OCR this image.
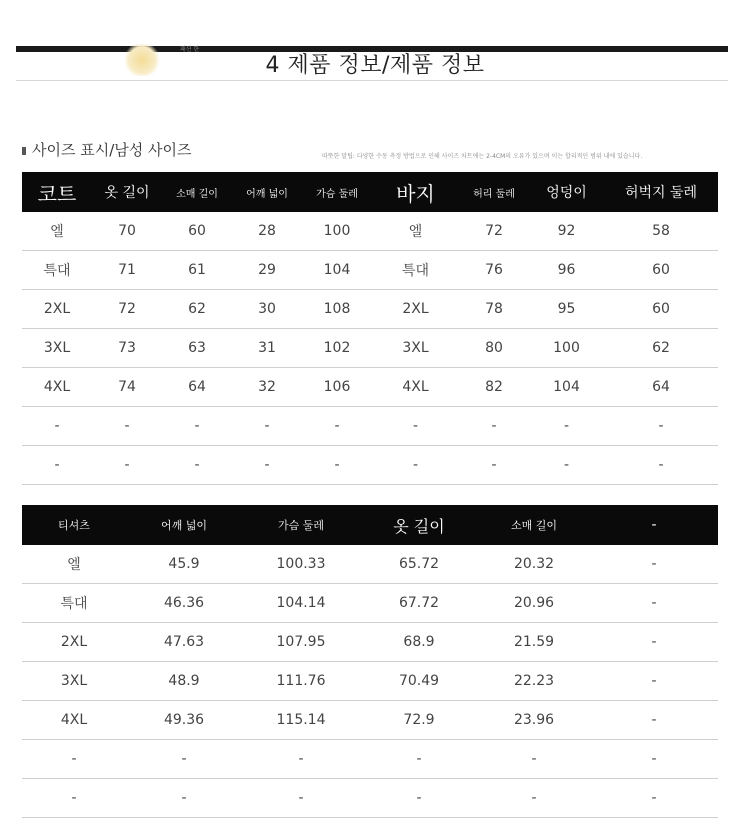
패션 한
4 제품 정보/제품 정보
사이즈 표시/남성 사이즈	따뜻한 말팁: 다양한 수동 측정 방법으로 인해 사이즈 차트에는 2-4CM의 오류가 있으며 이는 합리적인 범위 내에 있습니다.
코트	옷 길이	소매 길이	어깨 넓이	가슴 둘레	바지	허리 둘레	엉덩이	허벅지 둘레
엘	70	60	28	100	엘	72	92	58
특대	71	61	29	104	특대	76	96	60
2XL	72	62	30	108	2XL	78	95	60
3XL	73	63	31	102	3XL	80	100	62
4XL	74	64	32	106	4XL	82	104	64
-	-	-	-	-	-	-	-	-
-	-	-	-	-	-	-	-	-
티셔츠	어깨 넓이	가슴 둘레	옷 길이	소매 길이	-
엘	45.9	100.33	65.72	20.32	-
특대	46.36	104.14	67.72	20.96	-
2XL	47.63	107.95	68.9	21.59	-
3XL	48.9	111.76	70.49	22.23	-
4XL	49.36	115.14	72.9	23.96	-
-	-	-	-	-	-
-	-	-	-	-	-
